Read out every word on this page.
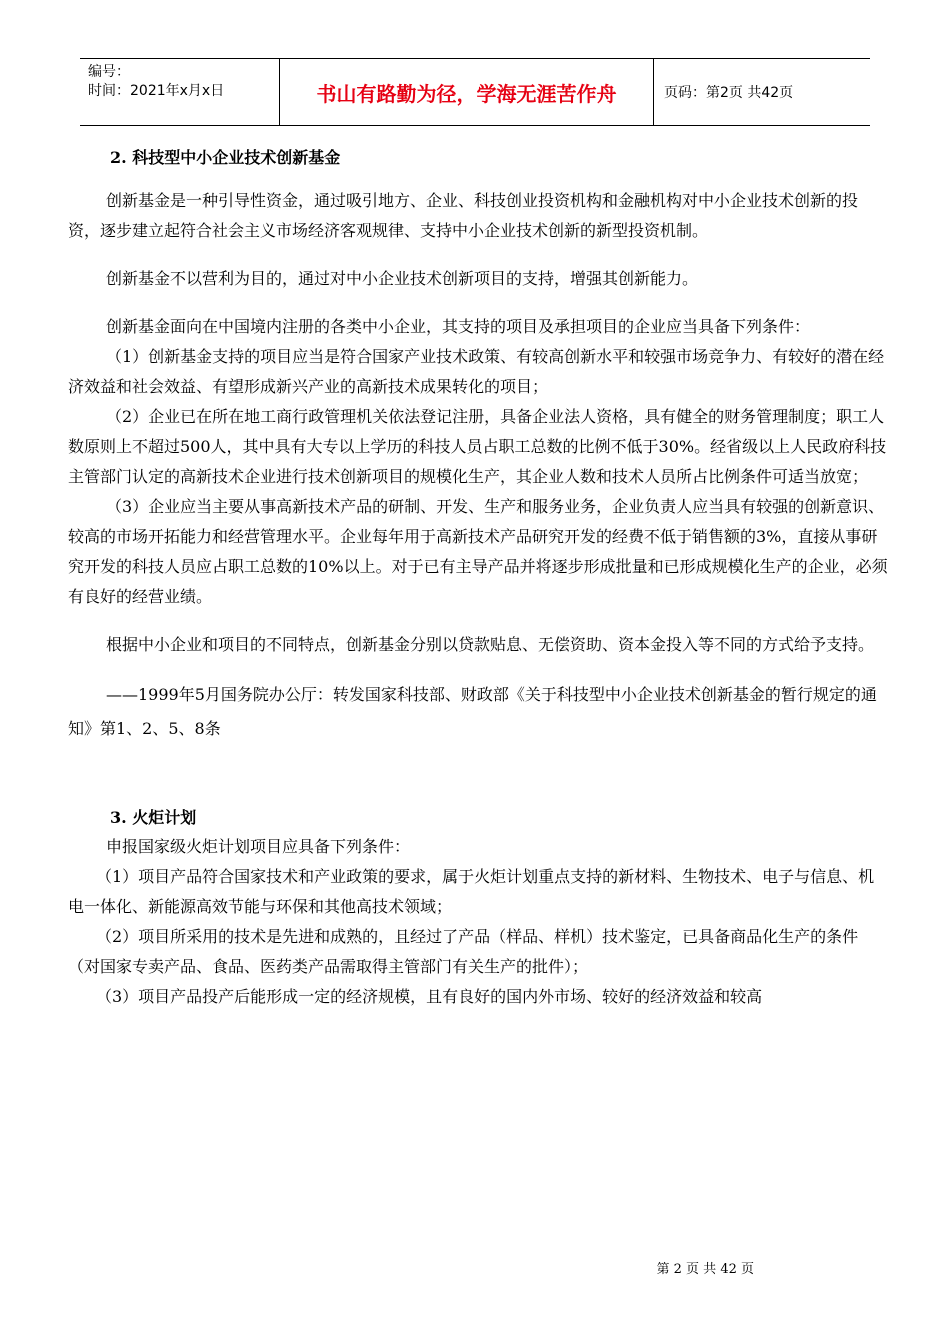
编号：
时间：2021年x月x日	书山有路勤为径，学海无涯苦作舟	页码：第2页 共42页
2. 科技型中小企业技术创新基金

创新基金是一种引导性资金，通过吸引地方、企业、科技创业投资机构和金融机构对中小企业技术创新的投资，逐步建立起符合社会主义市场经济客观规律、支持中小企业技术创新的新型投资机制。

创新基金不以营利为目的，通过对中小企业技术创新项目的支持，增强其创新能力。

创新基金面向在中国境内注册的各类中小企业，其支持的项目及承担项目的企业应当具备下列条件：

（1）创新基金支持的项目应当是符合国家产业技术政策、有较高创新水平和较强市场竞争力、有较好的潜在经济效益和社会效益、有望形成新兴产业的高新技术成果转化的项目；

（2）企业已在所在地工商行政管理机关依法登记注册，具备企业法人资格，具有健全的财务管理制度；职工人数原则上不超过500人，其中具有大专以上学历的科技人员占职工总数的比例不低于30%。经省级以上人民政府科技主管部门认定的高新技术企业进行技术创新项目的规模化生产，其企业人数和技术人员所占比例条件可适当放宽；

（3）企业应当主要从事高新技术产品的研制、开发、生产和服务业务，企业负责人应当具有较强的创新意识、较高的市场开拓能力和经营管理水平。企业每年用于高新技术产品研究开发的经费不低于销售额的3%，直接从事研究开发的科技人员应占职工总数的10%以上。对于已有主导产品并将逐步形成批量和已形成规模化生产的企业，必须有良好的经营业绩。

根据中小企业和项目的不同特点，创新基金分别以贷款贴息、无偿资助、资本金投入等不同的方式给予支持。

——1999年5月国务院办公厅：转发国家科技部、财政部《关于科技型中小企业技术创新基金的暂行规定的通知》第1、2、5、8条

3. 火炬计划

申报国家级火炬计划项目应具备下列条件：

（1）项目产品符合国家技术和产业政策的要求，属于火炬计划重点支持的新材料、生物技术、电子与信息、机电一体化、新能源高效节能与环保和其他高技术领域；

（2）项目所采用的技术是先进和成熟的，且经过了产品（样品、样机）技术鉴定，已具备商品化生产的条件（对国家专卖产品、食品、医药类产品需取得主管部门有关生产的批件）；

（3）项目产品投产后能形成一定的经济规模，且有良好的国内外市场、较好的经济效益和较高

第 2 页 共 42 页
